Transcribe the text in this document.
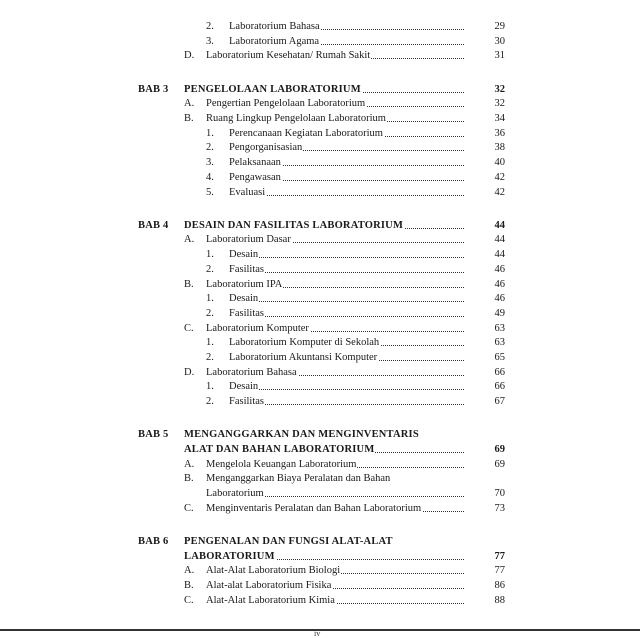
2. Laboratorium Bahasa	29
3. Laboratorium Agama	30
D. Laboratorium Kesehatan/ Rumah Sakit	31
BAB 3 PENGELOLAAN LABORATORIUM	32
A. Pengertian Pengelolaan Laboratorium	32
B. Ruang Lingkup Pengelolaan Laboratorium	34
1. Perencanaan Kegiatan Laboratorium	36
2. Pengorganisasian	38
3. Pelaksanaan	40
4. Pengawasan	42
5. Evaluasi	42
BAB 4 DESAIN DAN FASILITAS LABORATORIUM	44
A. Laboratorium Dasar	44
1. Desain	44
2. Fasilitas	46
B. Laboratorium IPA	46
1. Desain	46
2. Fasilitas	49
C. Laboratorium Komputer	63
1. Laboratorium Komputer di Sekolah	63
2. Laboratorium Akuntansi Komputer	65
D. Laboratorium Bahasa	66
1. Desain	66
2. Fasilitas	67
BAB 5 MENGANGGARKAN DAN MENGINVENTARIS
ALAT DAN BAHAN LABORATORIUM	69
A. Mengelola Keuangan Laboratorium	69
B. Menganggarkan Biaya Peralatan dan Bahan
Laboratorium	70
C. Menginventaris Peralatan dan Bahan Laboratorium	73
BAB 6 PENGENALAN DAN FUNGSI ALAT-ALAT
LABORATORIUM	77
A. Alat-Alat Laboratorium Biologi	77
B. Alat-alat Laboratorium Fisika	86
C. Alat-Alat Laboratorium Kimia	88
iv
